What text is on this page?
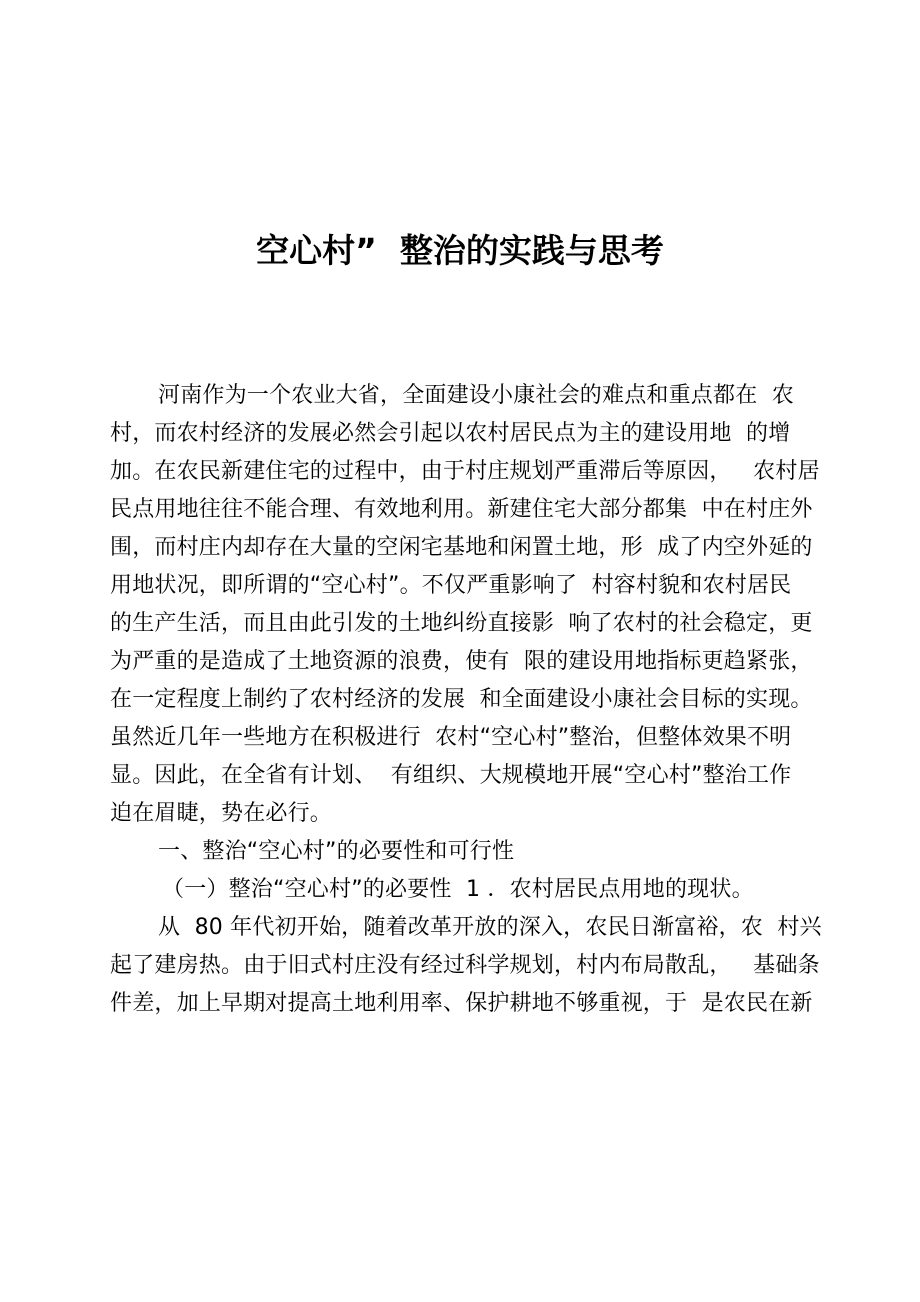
空心村”  整治的实践与思考
河南作为一个农业大省，全面建设小康社会的难点和重点都在  农
村，而农村经济的发展必然会引起以农村居民点为主的建设用地  的增
加。在农民新建住宅的过程中，由于村庄规划严重滞后等原因，   农村居
民点用地往往不能合理、有效地利用。新建住宅大部分都集  中在村庄外
围，而村庄内却存在大量的空闲宅基地和闲置土地，形  成了内空外延的
用地状况，即所谓的“空心村”。不仅严重影响了  村容村貌和农村居民
的生产生活，而且由此引发的土地纠纷直接影  响了农村的社会稳定，更
为严重的是造成了土地资源的浪费，使有  限的建设用地指标更趋紧张，
在一定程度上制约了农村经济的发展  和全面建设小康社会目标的实现。
虽然近几年一些地方在积极进行  农村“空心村”整治，但整体效果不明
显。因此，在全省有计划、  有组织、大规模地开展“空心村”整治工作
迫在眉睫，势在必行。
一、整治“空心村”的必要性和可行性
（一）整治“空心村”的必要性  1 ．农村居民点用地的现状。
从  80 年代初开始，随着改革开放的深入，农民日渐富裕，农  村兴
起了建房热。由于旧式村庄没有经过科学规划，村内布局散乱，   基础条
件差，加上早期对提高土地利用率、保护耕地不够重视，于  是农民在新
